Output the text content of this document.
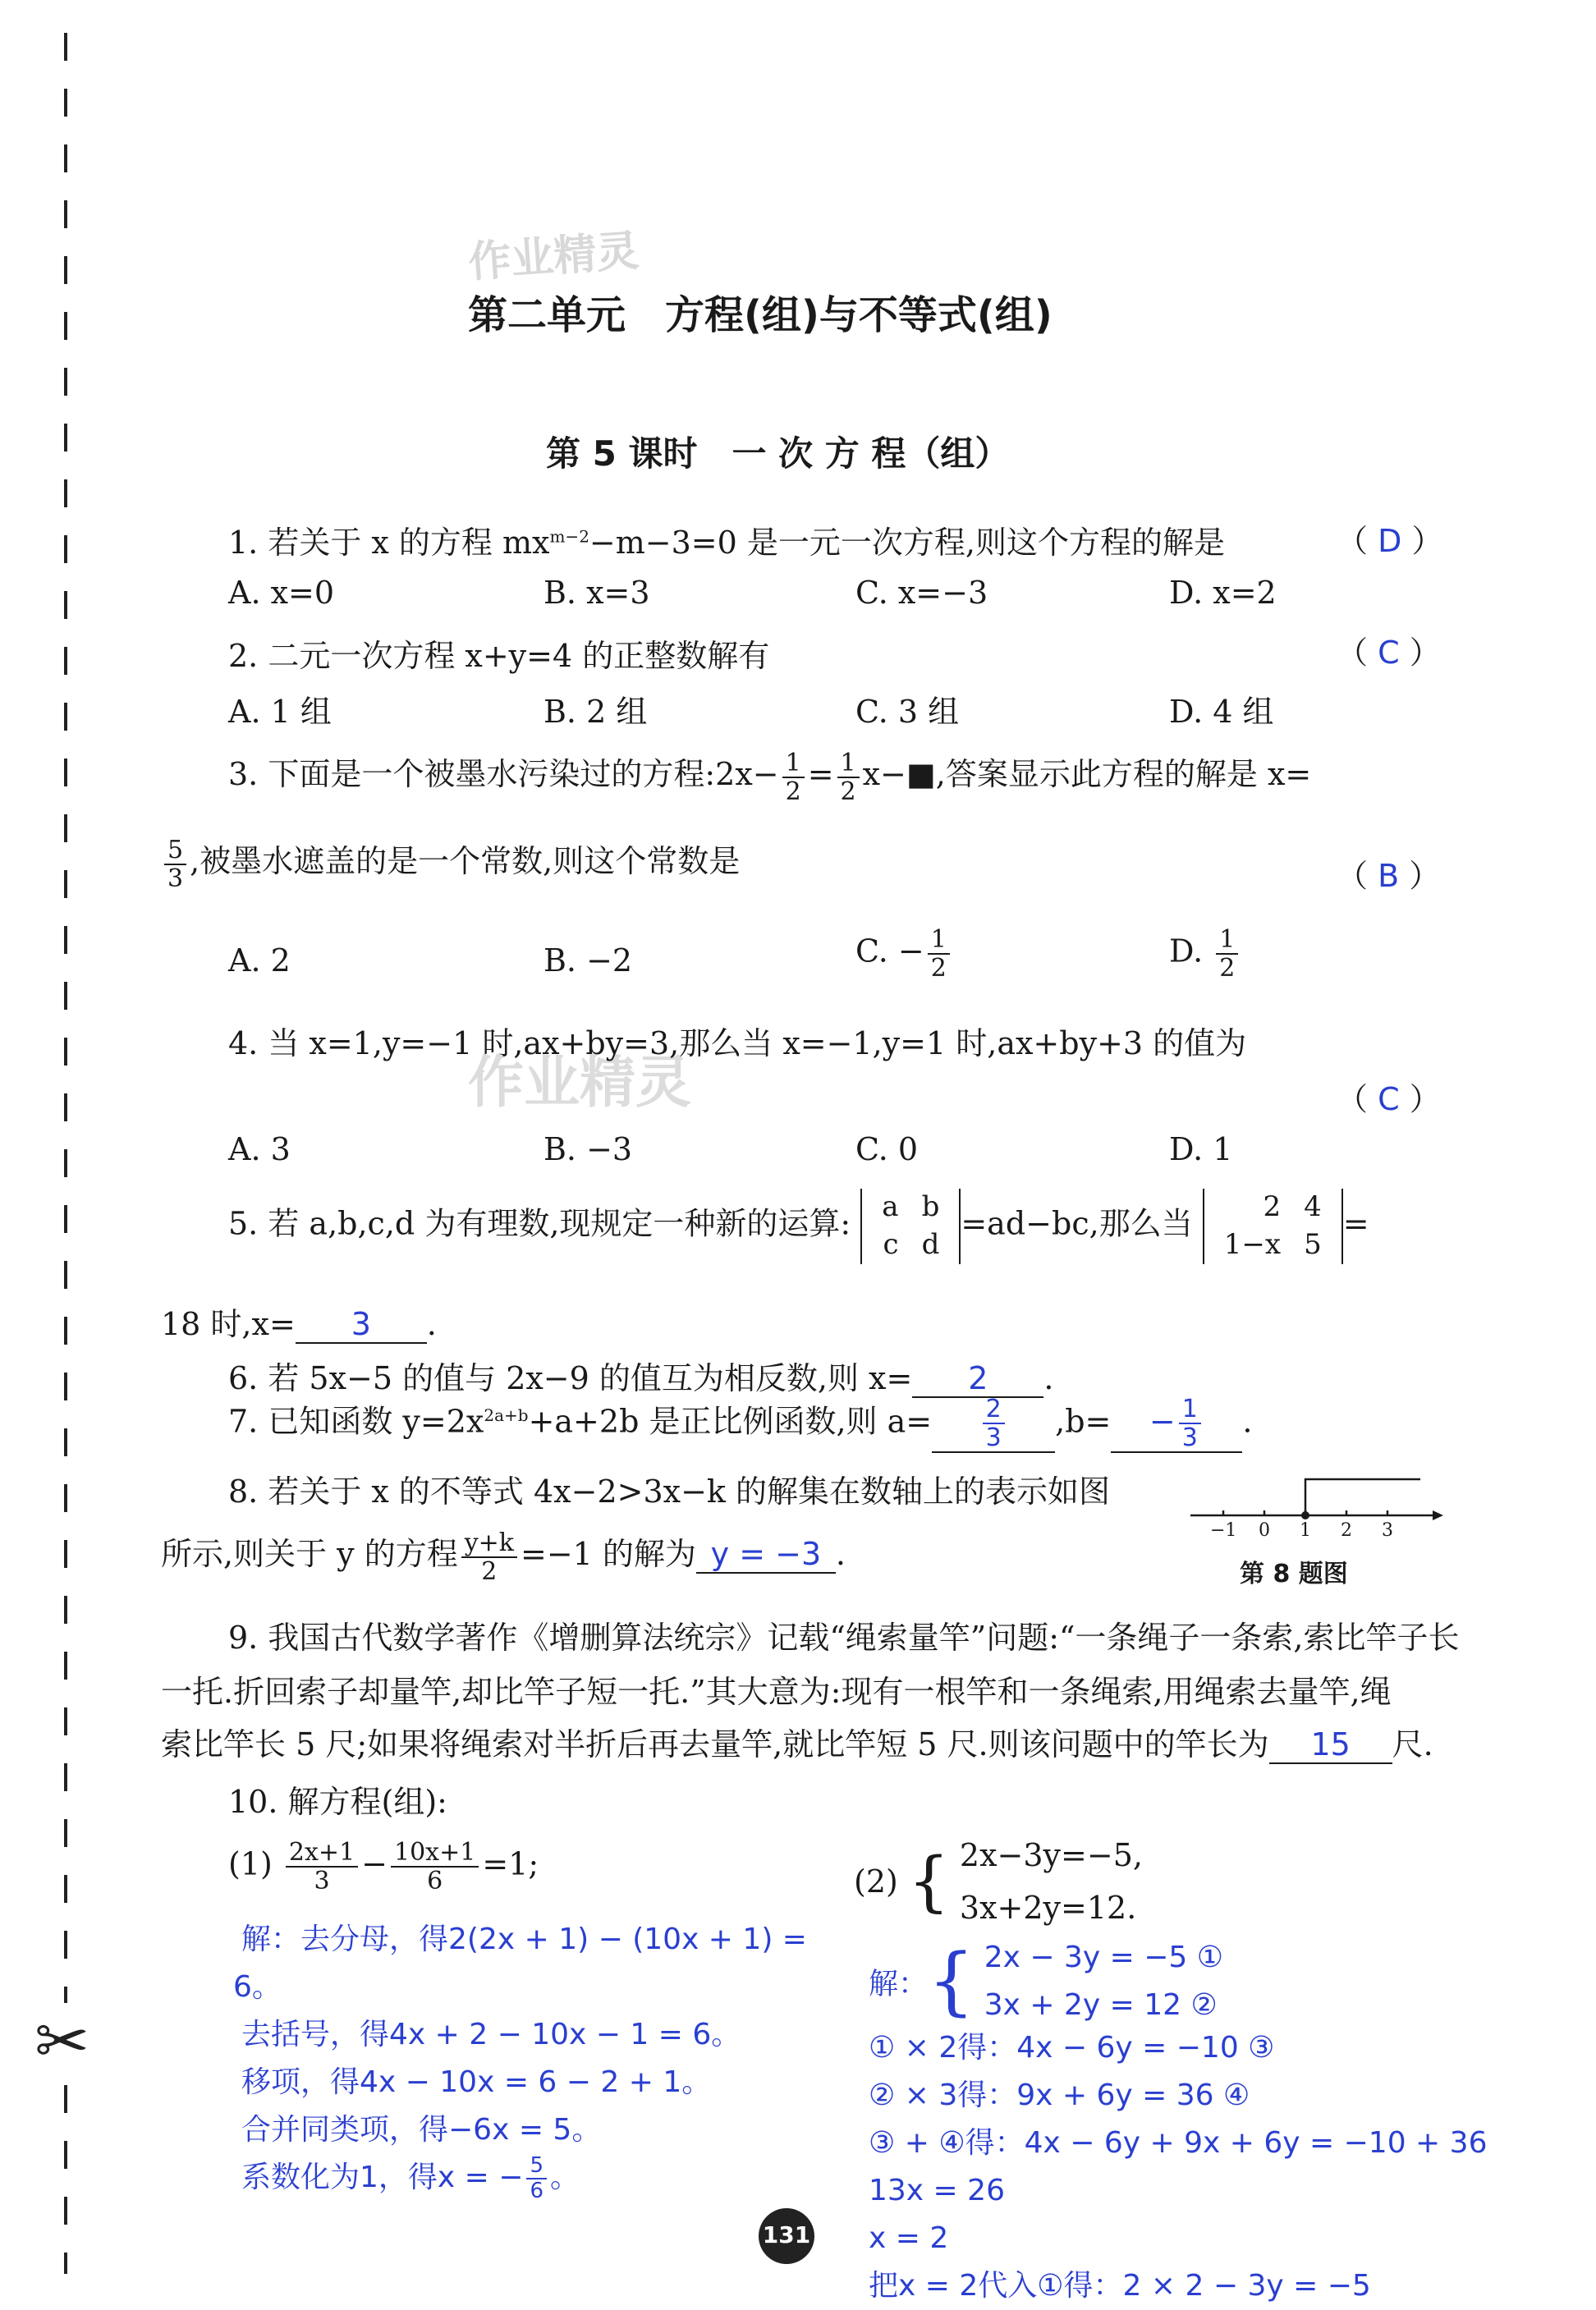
✂
作业精灵
作业精灵
第二单元　方程(组)与不等式(组)
第 5 课时　一 次 方 程（组）
1. 若关于 x 的方程 $mx^{m-2}-m-3=0$ 是一元一次方程,则这个方程的解是	（ D ）
A. x=0	B. x=3	C. x=−3	D. x=2
2. 二元一次方程 x+y=4 的正整数解有	（ C ）
A. 1 组	B. 2 组	C. 3 组	D. 4 组
3. 下面是一个被墨水污染过的方程:2x− $\frac{1}{2} = \frac{1}{2}$ x−■,答案显示此方程的解是 x=
$\frac{5}{3}$ ,被墨水遮盖的是一个常数,则这个常数是	（ B ）
A. 2	B. −2	C. − $\frac{1}{2}$	D. $\frac{1}{2}$
4. 当 x=1,y=−1 时,ax+by=3,那么当 x=−1,y=1 时,ax+by+3 的值为
（ C ）
A. 3	B. −3	C. 0	D. 1
5. 若 a,b,c,d 为有理数,现规定一种新的运算: a	b
c	d
=ad−bc,那么当	2	4
1−x	5
=
18 时,x= 3 .
6. 若 5x−5 的值与 2x−9 的值互为相反数,则 x= 2 .
7. 已知函数 $y=2x^{2a+b}+a+2b$ 是正比例函数,则 $a= \frac{2}{3} ,b= - \frac{1}{3}$ .
8. 若关于 x 的不等式 4x−2>3x−k 的解集在数轴上的表示如图
所示,则关于 y 的方程 $\frac{y+k}{2} =-1$ 的解为 y = −3 .
−1 0 1 2 3
第 8 题图
9. 我国古代数学著作《增删算法统宗》记载“绳索量竿”问题:“一条绳子一条索,索比竿子长
一托.折回索子却量竿,却比竿子短一托.”其大意为:现有一根竿和一条绳索,用绳索去量竿,绳
索比竿长 5 尺;如果将绳索对半折后再去量竿,就比竿短 5 尺.则该问题中的竿长为 15 尺.
10. 解方程(组):
$(1) \frac{2x+1}{3} - \frac{10x+1}{6} =1$;	(2) { 2x−3y=−5,
3x+2y=12.
解：去分母，得2(2x + 1) − (10x + 1) =
6。
去括号，得4x + 2 − 10x − 1 = 6。
移项，得4x − 10x = 6 − 2 + 1。
合并同类项，得−6x = 5。
系数化为1，得x = − $\frac{5}{6}$ 。
解：{ 2x − 3y = −5 ①
3x + 2y = 12 ②
① × 2得：4x − 6y = −10 ③
② × 3得：9x + 6y = 36 ④
③ + ④得：4x − 6y + 9x + 6y = −10 + 36
13x = 26
x = 2
把x = 2代入①得：2 × 2 − 3y = −5
131
